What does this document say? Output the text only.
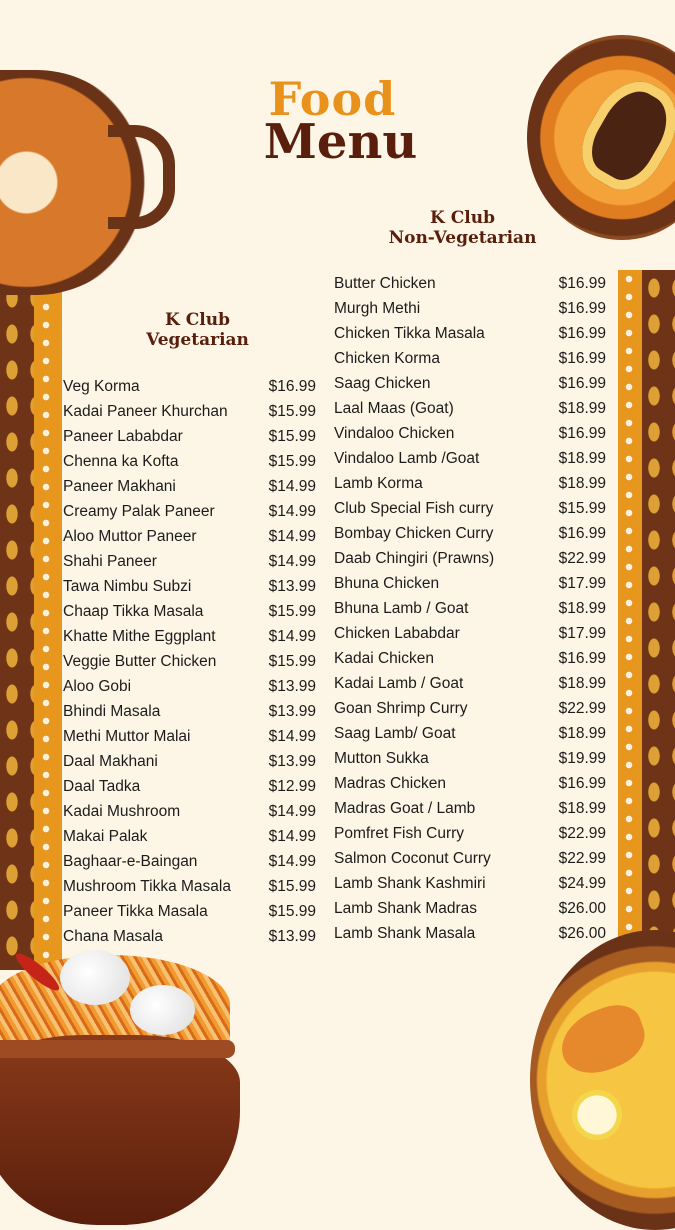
Food
Menu
K Club
Vegetarian
K Club
Non-Vegetarian
Veg Korma	$16.99
Kadai Paneer Khurchan	$15.99
Paneer Lababdar	$15.99
Chenna ka Kofta	$15.99
Paneer Makhani	$14.99
Creamy Palak Paneer	$14.99
Aloo Muttor Paneer	$14.99
Shahi Paneer	$14.99
Tawa Nimbu Subzi	$13.99
Chaap Tikka Masala	$15.99
Khatte Mithe Eggplant	$14.99
Veggie Butter Chicken	$15.99
Aloo Gobi	$13.99
Bhindi Masala	$13.99
Methi Muttor Malai	$14.99
Daal Makhani	$13.99
Daal Tadka	$12.99
Kadai Mushroom	$14.99
Makai Palak	$14.99
Baghaar-e-Baingan	$14.99
Mushroom Tikka Masala $15.99
Paneer Tikka Masala	$15.99
Chana Masala	$13.99
Butter Chicken	$16.99
Murgh Methi	$16.99
Chicken Tikka Masala	$16.99
Chicken Korma	$16.99
Saag Chicken	$16.99
Laal Maas (Goat)	$18.99
Vindaloo Chicken	$16.99
Vindaloo Lamb /Goat	$18.99
Lamb Korma	$18.99
Club Special Fish curry	$15.99
Bombay Chicken Curry	$16.99
Daab Chingiri (Prawns)	$22.99
Bhuna Chicken	$17.99
Bhuna Lamb / Goat	$18.99
Chicken Lababdar	$17.99
Kadai Chicken	$16.99
Kadai Lamb / Goat	$18.99
Goan Shrimp Curry	$22.99
Saag Lamb/ Goat	$18.99
Mutton Sukka	$19.99
Madras Chicken	$16.99
Madras Goat / Lamb	$18.99
Pomfret Fish Curry	$22.99
Salmon Coconut Curry	$22.99
Lamb Shank Kashmiri	$24.99
Lamb Shank Madras	$26.00
Lamb Shank Masala	$26.00
